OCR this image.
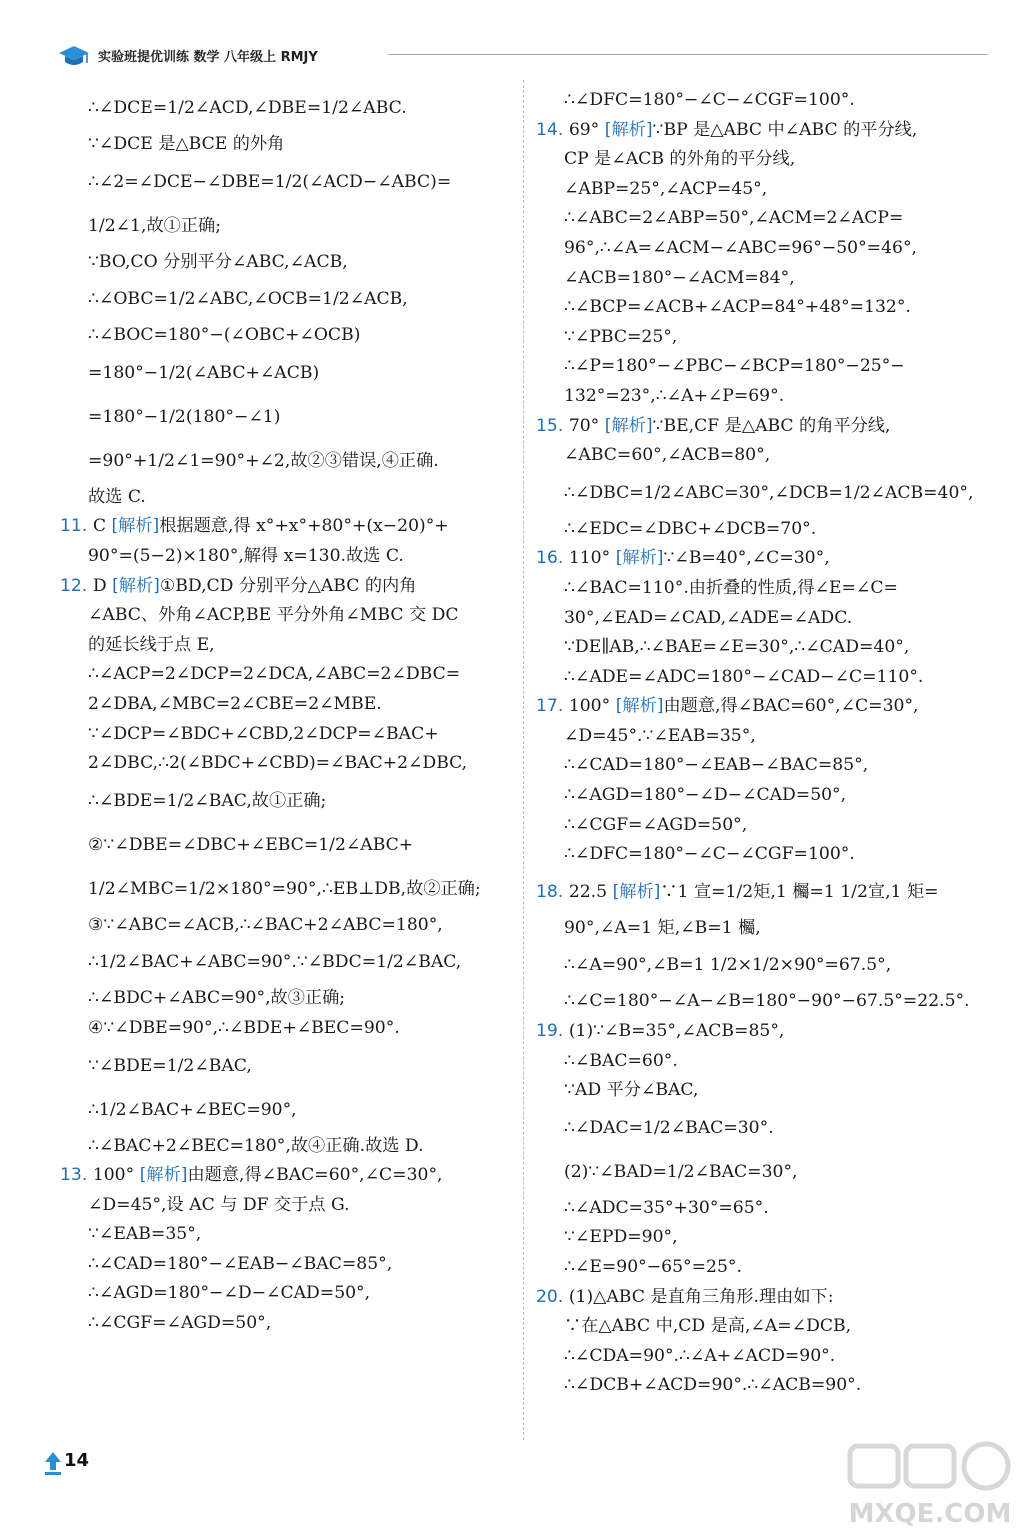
实验班提优训练 数学 八年级上 RMJY
∴∠DCE=1/2∠ACD,∠DBE=1/2∠ABC.
∵∠DCE 是△BCE 的外角
∴∠2=∠DCE−∠DBE=1/2(∠ACD−∠ABC)=
1/2∠1,故①正确;
∵BO,CO 分别平分∠ABC,∠ACB,
∴∠OBC=1/2∠ABC,∠OCB=1/2∠ACB,
∴∠BOC=180°−(∠OBC+∠OCB)
=180°−1/2(∠ABC+∠ACB)
=180°−1/2(180°−∠1)
=90°+1/2∠1=90°+∠2,故②③错误,④正确.
故选 C.
11. C [解析]根据题意,得 x°+x°+80°+(x−20)°+
90°=(5−2)×180°,解得 x=130.故选 C.
12. D [解析]①BD,CD 分别平分△ABC 的内角
∠ABC、外角∠ACP,BE 平分外角∠MBC 交 DC
的延长线于点 E,
∴∠ACP=2∠DCP=2∠DCA,∠ABC=2∠DBC=
2∠DBA,∠MBC=2∠CBE=2∠MBE.
∵∠DCP=∠BDC+∠CBD,2∠DCP=∠BAC+
2∠DBC,∴2(∠BDC+∠CBD)=∠BAC+2∠DBC,
∴∠BDE=1/2∠BAC,故①正确;
②∵∠DBE=∠DBC+∠EBC=1/2∠ABC+
1/2∠MBC=1/2×180°=90°,∴EB⊥DB,故②正确;
③∵∠ABC=∠ACB,∴∠BAC+2∠ABC=180°,
∴1/2∠BAC+∠ABC=90°.∵∠BDC=1/2∠BAC,
∴∠BDC+∠ABC=90°,故③正确;
④∵∠DBE=90°,∴∠BDE+∠BEC=90°.
∵∠BDE=1/2∠BAC,
∴1/2∠BAC+∠BEC=90°,
∴∠BAC+2∠BEC=180°,故④正确.故选 D.
13. 100° [解析]由题意,得∠BAC=60°,∠C=30°,
∠D=45°,设 AC 与 DF 交于点 G.
∵∠EAB=35°,
∴∠CAD=180°−∠EAB−∠BAC=85°,
∴∠AGD=180°−∠D−∠CAD=50°,
∴∠CGF=∠AGD=50°,
∴∠DFC=180°−∠C−∠CGF=100°.
14. 69° [解析]∵BP 是△ABC 中∠ABC 的平分线,
CP 是∠ACB 的外角的平分线,
∠ABP=25°,∠ACP=45°,
∴∠ABC=2∠ABP=50°,∠ACM=2∠ACP=
96°,∴∠A=∠ACM−∠ABC=96°−50°=46°,
∠ACB=180°−∠ACM=84°,
∴∠BCP=∠ACB+∠ACP=84°+48°=132°.
∵∠PBC=25°,
∴∠P=180°−∠PBC−∠BCP=180°−25°−
132°=23°,∴∠A+∠P=69°.
15. 70° [解析]∵BE,CF 是△ABC 的角平分线,
∠ABC=60°,∠ACB=80°,
∴∠DBC=1/2∠ABC=30°,∠DCB=1/2∠ACB=40°,
∴∠EDC=∠DBC+∠DCB=70°.
16. 110° [解析]∵∠B=40°,∠C=30°,
∴∠BAC=110°.由折叠的性质,得∠E=∠C=
30°,∠EAD=∠CAD,∠ADE=∠ADC.
∵DE∥AB,∴∠BAE=∠E=30°,∴∠CAD=40°,
∴∠ADE=∠ADC=180°−∠CAD−∠C=110°.
17. 100° [解析]由题意,得∠BAC=60°,∠C=30°,
∠D=45°.∵∠EAB=35°,
∴∠CAD=180°−∠EAB−∠BAC=85°,
∴∠AGD=180°−∠D−∠CAD=50°,
∴∠CGF=∠AGD=50°,
∴∠DFC=180°−∠C−∠CGF=100°.
18. 22.5 [解析]∵1 宣=1/2矩,1 欘=1 1/2宣,1 矩=
90°,∠A=1 矩,∠B=1 欘,
∴∠A=90°,∠B=1 1/2×1/2×90°=67.5°,
∴∠C=180°−∠A−∠B=180°−90°−67.5°=22.5°.
19. (1)∵∠B=35°,∠ACB=85°,
∴∠BAC=60°.
∵AD 平分∠BAC,
∴∠DAC=1/2∠BAC=30°.
(2)∵∠BAD=1/2∠BAC=30°,
∴∠ADC=35°+30°=65°.
∵∠EPD=90°,
∴∠E=90°−65°=25°.
20. (1)△ABC 是直角三角形.理由如下:
∵在△ABC 中,CD 是高,∠A=∠DCB,
∴∠CDA=90°.∴∠A+∠ACD=90°.
∴∠DCB+∠ACD=90°.∴∠ACB=90°.
14
MXQE.COM
